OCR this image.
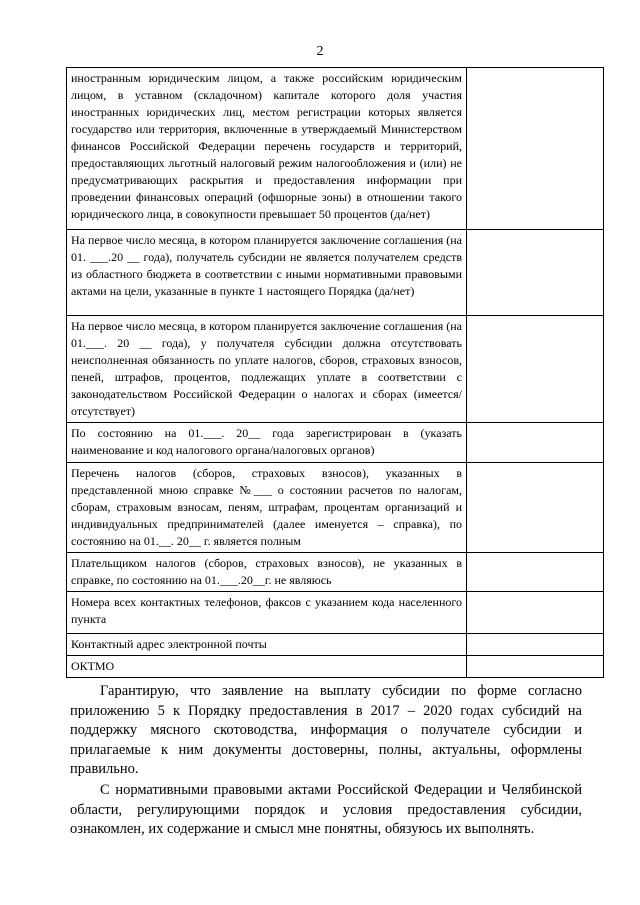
2
иностранным юридическим лицом, а также российским юридическим лицом, в уставном (складочном) капитале которого доля участия иностранных юридических лиц, местом регистрации которых является государство или территория, включенные в утверждаемый Министерством финансов Российской Федерации перечень государств и территорий, предоставляющих льготный налоговый режим налогообложения и (или) не предусматривающих раскрытия и предоставления информации при проведении финансовых операций (офшорные зоны) в отношении такого юридического лица, в совокупности превышает 50 процентов (да/нет)	
На первое число месяца, в котором планируется заключение соглашения (на 01. ___.20 __ года), получатель субсидии не является получателем средств из областного бюджета в соответствии с иными нормативными правовыми актами на цели, указанные в пункте 1 настоящего Порядка (да/нет)	
На первое число месяца, в котором планируется заключение соглашения (на 01.___. 20 __ года), у получателя субсидии должна отсутствовать неисполненная обязанность по уплате налогов, сборов, страховых взносов, пеней, штрафов, процентов, подлежащих уплате в соответствии с законодательством Российской Федерации о налогах и сборах (имеется/отсутствует)	
По состоянию на 01.___. 20__ года зарегистрирован в (указать наименование и код налогового органа/налоговых органов)	
Перечень налогов (сборов, страховых взносов), указанных в представленной мною справке №___ о состоянии расчетов по налогам, сборам, страховым взносам, пеням, штрафам, процентам организаций и индивидуальных предпринимателей (далее именуется – справка), по состоянию на 01.__. 20__ г. является полным	
Плательщиком налогов (сборов, страховых взносов), не указанных в справке, по состоянию на 01.___.20__г. не являюсь	
Номера всех контактных телефонов, факсов с указанием кода населенного пункта	
Контактный адрес электронной почты	
ОКТМО	

Гарантирую, что заявление на выплату субсидии по форме согласно приложению 5 к Порядку предоставления в 2017 – 2020 годах субсидий на поддержку мясного скотоводства, информация о получателе субсидии и прилагаемые к ним документы достоверны, полны, актуальны, оформлены правильно.

С нормативными правовыми актами Российской Федерации и Челябинской области, регулирующими порядок и условия предоставления субсидии, ознакомлен, их содержание и смысл мне понятны, обязуюсь их выполнять.
